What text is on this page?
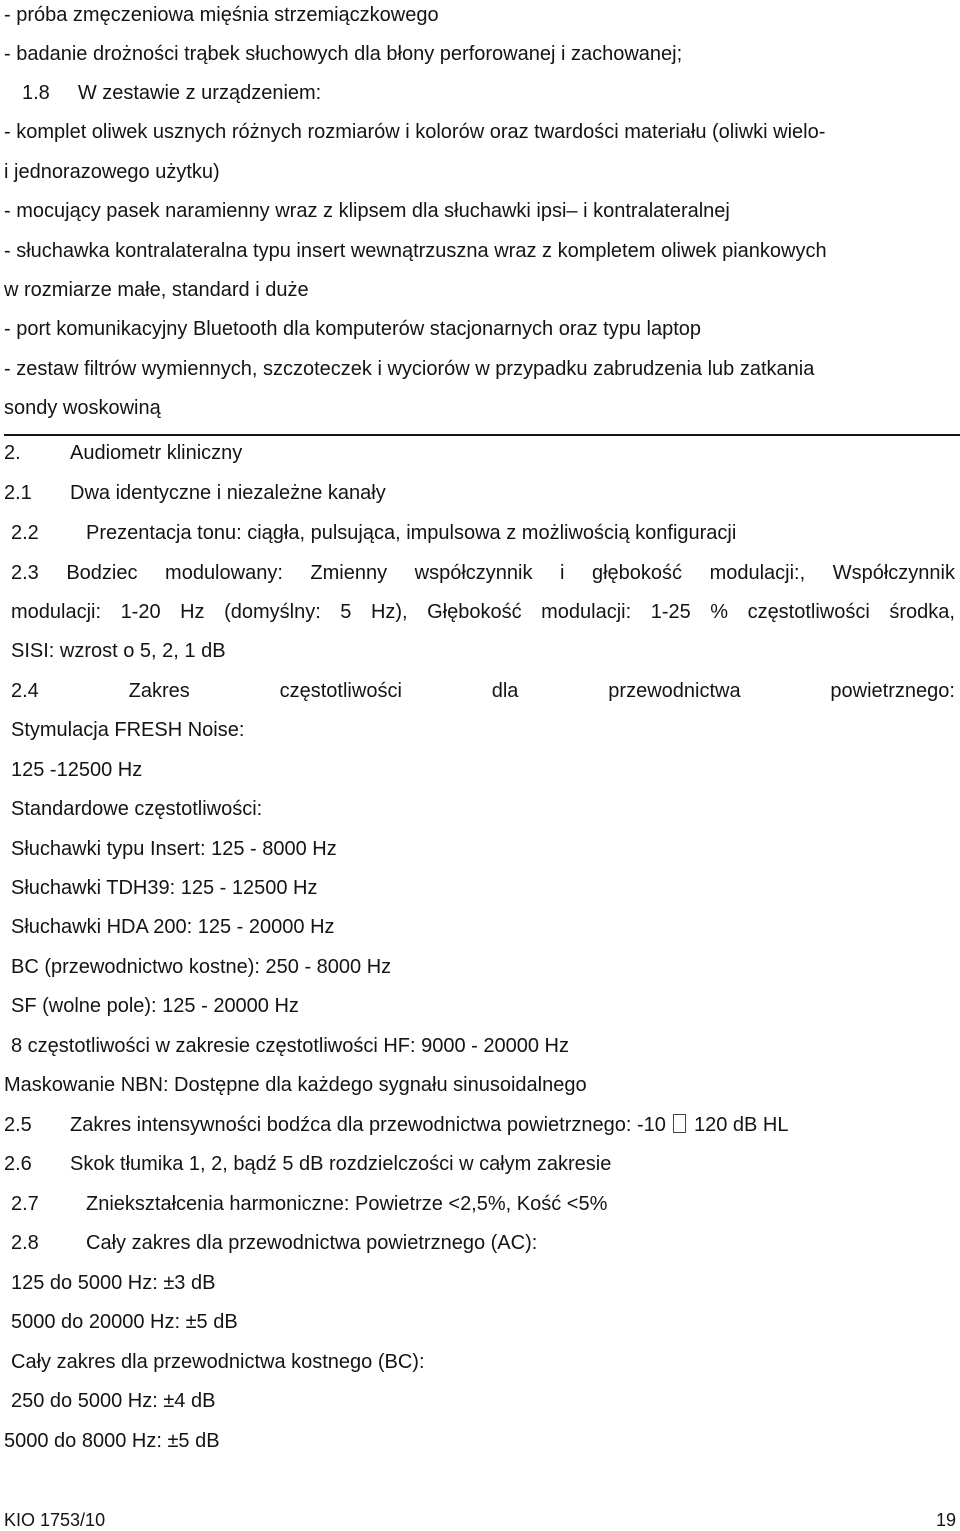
- próba zmęczeniowa mięśnia strzemiączkowego
- badanie drożności trąbek słuchowych dla błony perforowanej i zachowanej;
1.8 W zestawie z urządzeniem:
- komplet oliwek usznych różnych rozmiarów i kolorów oraz twardości materiału (oliwki wielo-
i jednorazowego użytku)
- mocujący pasek naramienny wraz z klipsem dla słuchawki ipsi– i kontralateralnej
- słuchawka kontralateralna typu insert wewnątrzuszna wraz z kompletem oliwek piankowych
w rozmiarze małe, standard i duże
- port komunikacyjny Bluetooth dla komputerów stacjonarnych oraz typu laptop
- zestaw filtrów wymiennych, szczoteczek i wyciorów w przypadku zabrudzenia lub zatkania
sondy woskowiną
2. Audiometr kliniczny
2.1 Dwa identyczne i niezależne kanały
2.2 Prezentacja tonu: ciągła, pulsująca, impulsowa z możliwością konfiguracji
2.3 Bodziec modulowany: Zmienny współczynnik i głębokość modulacji:, Współczynnik
modulacji: 1-20 Hz (domyślny: 5 Hz), Głębokość modulacji: 1-25 % częstotliwości środka,
SISI: wzrost o 5, 2, 1 dB
2.4	Zakres	częstotliwości	dla	przewodnictwa	powietrznego:
Stymulacja FRESH Noise:
125 -12500 Hz
Standardowe częstotliwości:
Słuchawki typu Insert: 125 - 8000 Hz
Słuchawki TDH39: 125 - 12500 Hz
Słuchawki HDA 200: 125 - 20000 Hz
BC (przewodnictwo kostne): 250 - 8000 Hz
SF (wolne pole): 125 - 20000 Hz
8 częstotliwości w zakresie częstotliwości HF: 9000 - 20000 Hz
Maskowanie NBN: Dostępne dla każdego sygnału sinusoidalnego
2.5 Zakres intensywności bodźca dla przewodnictwa powietrznego: -10 120 dB HL
2.6 Skok tłumika 1, 2, bądź 5 dB rozdzielczości w całym zakresie
2.7 Zniekształcenia harmoniczne: Powietrze <2,5%, Kość <5%
2.8 Cały zakres dla przewodnictwa powietrznego (AC):
125 do 5000 Hz: ±3 dB
5000 do 20000 Hz: ±5 dB
Cały zakres dla przewodnictwa kostnego (BC):
250 do 5000 Hz: ±4 dB
5000 do 8000 Hz: ±5 dB
KIO 1753/10	19
